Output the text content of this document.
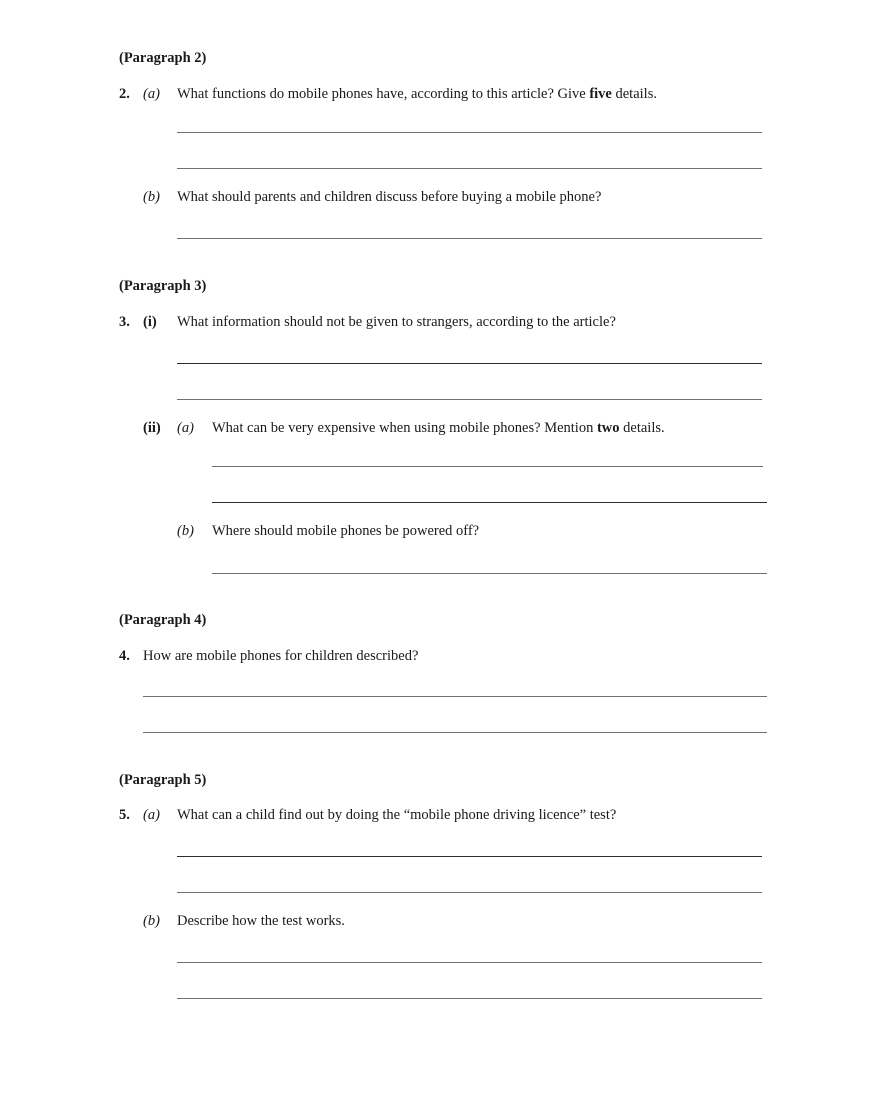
(Paragraph 2)
2. (a) What functions do mobile phones have, according to this article? Give five details.
(b) What should parents and children discuss before buying a mobile phone?
(Paragraph 3)
3. (i) What information should not be given to strangers, according to the article?
(ii) (a) What can be very expensive when using mobile phones? Mention two details.
(b) Where should mobile phones be powered off?
(Paragraph 4)
4. How are mobile phones for children described?
(Paragraph 5)
5. (a) What can a child find out by doing the “mobile phone driving licence” test?
(b) Describe how the test works.
